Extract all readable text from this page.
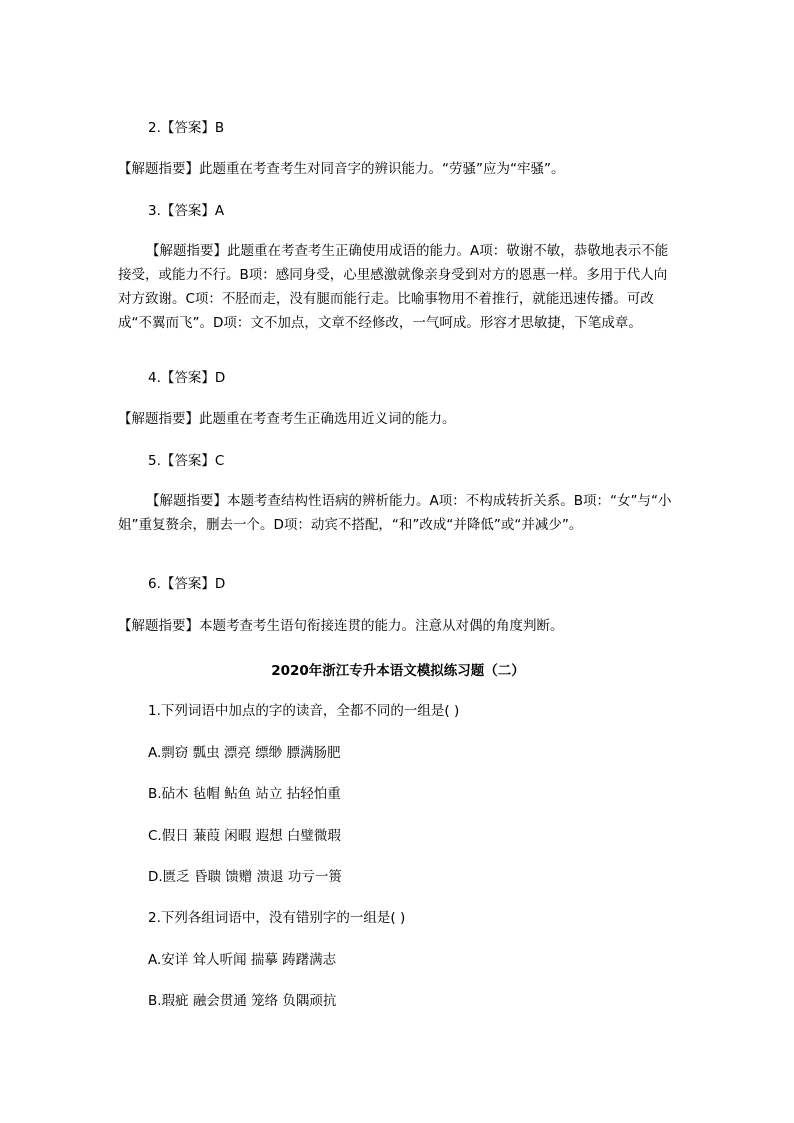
2.【答案】B
【解题指要】此题重在考查考生对同音字的辨识能力。“劳骚”应为“牢骚”。
3.【答案】A
【解题指要】此题重在考查考生正确使用成语的能力。A项：敬谢不敏，恭敬地表示不能接受，或能力不行。B项：感同身受，心里感激就像亲身受到对方的恩惠一样。多用于代人向对方致谢。C项：不胫而走，没有腿而能行走。比喻事物用不着推行，就能迅速传播。可改成“不翼而飞”。D项：文不加点，文章不经修改，一气呵成。形容才思敏捷，下笔成章。
4.【答案】D
【解题指要】此题重在考查考生正确选用近义词的能力。
5.【答案】C
【解题指要】本题考查结构性语病的辨析能力。A项：不构成转折关系。B项：“女”与“小姐”重复赘余，删去一个。D项：动宾不搭配，“和”改成“并降低”或“并减少”。
6.【答案】D
【解题指要】本题考查考生语句衔接连贯的能力。注意从对偶的角度判断。
2020年浙江专升本语文模拟练习题（二）
1.下列词语中加点的字的读音，全都不同的一组是( )
A.剽窃 瓢虫 漂亮 缥缈 膘满肠肥
B.砧木 毡帽 鲇鱼 站立 拈轻怕重
C.假日 蒹葭 闲暇 遐想 白璧微瑕
D.匮乏 昏聩 馈赠 溃退 功亏一篑
2.下列各组词语中，没有错别字的一组是( )
A.安详 耸人听闻 揣摹 踌躇满志
B.瑕疵 融会贯通 笼络 负隅顽抗
